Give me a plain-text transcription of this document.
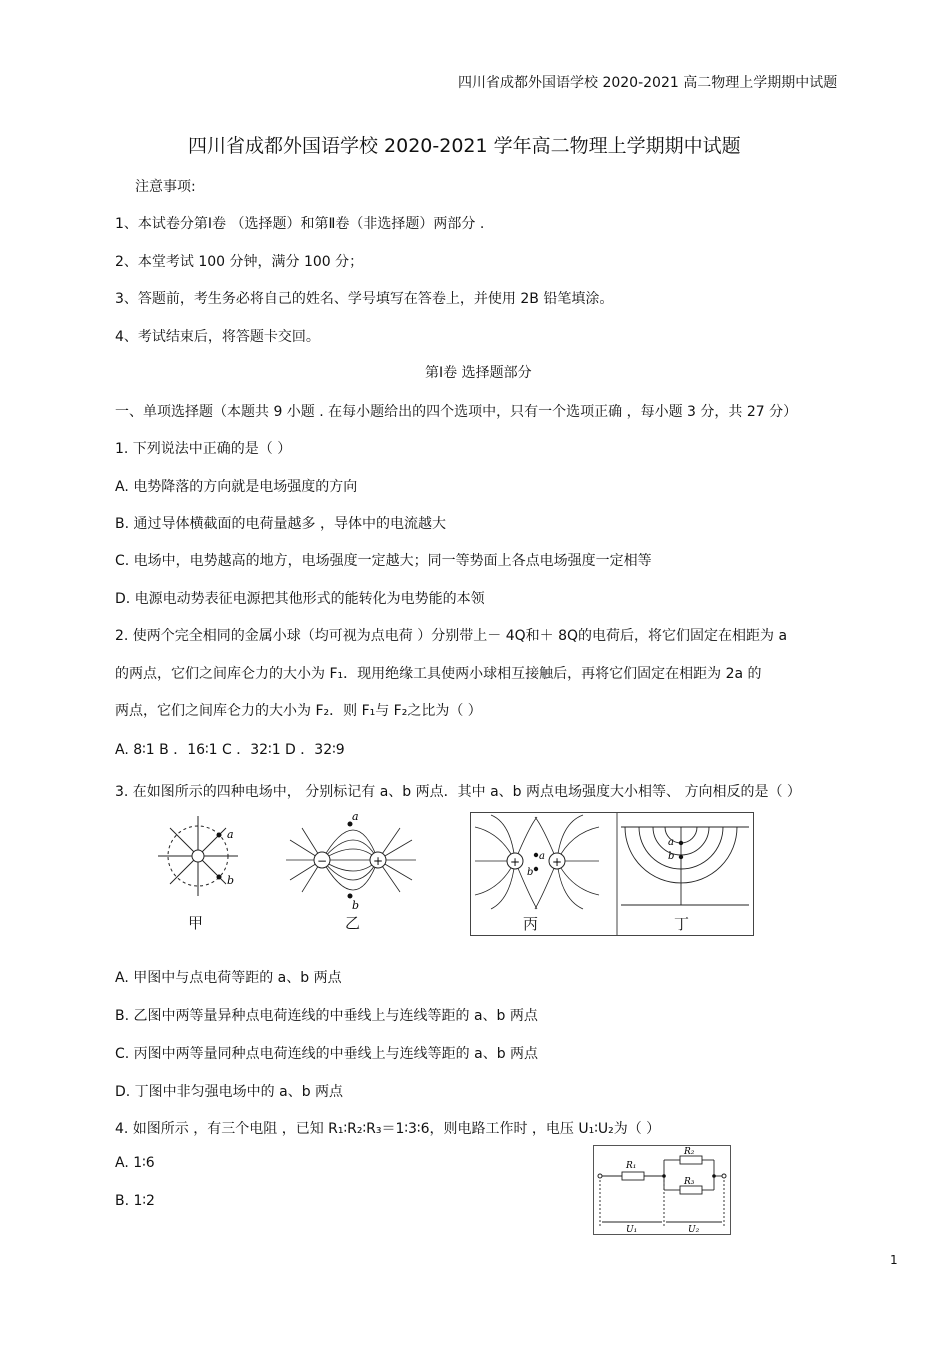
四川省成都外国语学校 2020-2021 高二物理上学期期中试题
四川省成都外国语学校 2020-2021 学年高二物理上学期期中试题
注意事项:
1、本试卷分第Ⅰ卷 （选择题）和第Ⅱ卷（非选择题）两部分 .
2、本堂考试 100 分钟，满分 100 分；
3、答题前，考生务必将自己的姓名、学号填写在答卷上，并使用 2B 铅笔填涂。
4、考试结束后，将答题卡交回。
第Ⅰ卷 选择题部分
一、单项选择题（本题共 9 小题 . 在每小题给出的四个选项中，只有一个选项正确 ，每小题 3 分，共 27 分）
1. 下列说法中正确的是（ ）
A. 电势降落的方向就是电场强度的方向
B. 通过导体横截面的电荷量越多 ，导体中的电流越大
C. 电场中，电势越高的地方，电场强度一定越大；同一等势面上各点电场强度一定相等
D. 电源电动势表征电源把其他形式的能转化为电势能的本领
2. 使两个完全相同的金属小球（均可视为点电荷 ）分别带上－ 4Q和＋ 8Q的电荷后，将它们固定在相距为 a
的两点，它们之间库仑力的大小为 F₁．现用绝缘工具使两小球相互接触后，再将它们固定在相距为 2a 的
两点，它们之间库仑力的大小为 F₂．则 F₁与 F₂之比为（ ）
A. 8∶1 B ．16∶1 C ．32∶1 D ．32∶9
3. 在如图所示的四种电场中， 分别标记有 a、b 两点．其中 a、b 两点电场强度大小相等、 方向相反的是（ ）
a
b
甲
−	+
a
b
乙
+	+
a
b
a
b
丙	丁
A. 甲图中与点电荷等距的 a、b 两点
B. 乙图中两等量异种点电荷连线的中垂线上与连线等距的 a、b 两点
C. 丙图中两等量同种点电荷连线的中垂线上与连线等距的 a、b 两点
D. 丁图中非匀强电场中的 a、b 两点
4. 如图所示 ，有三个电阻 ，已知 R₁∶R₂∶R₃＝1∶3∶6，则电路工作时 ，电压 U₁∶U₂为（ ）
A. 1∶6
B. 1∶2
R₁
R₂
R₃
U₁	U₂
1
